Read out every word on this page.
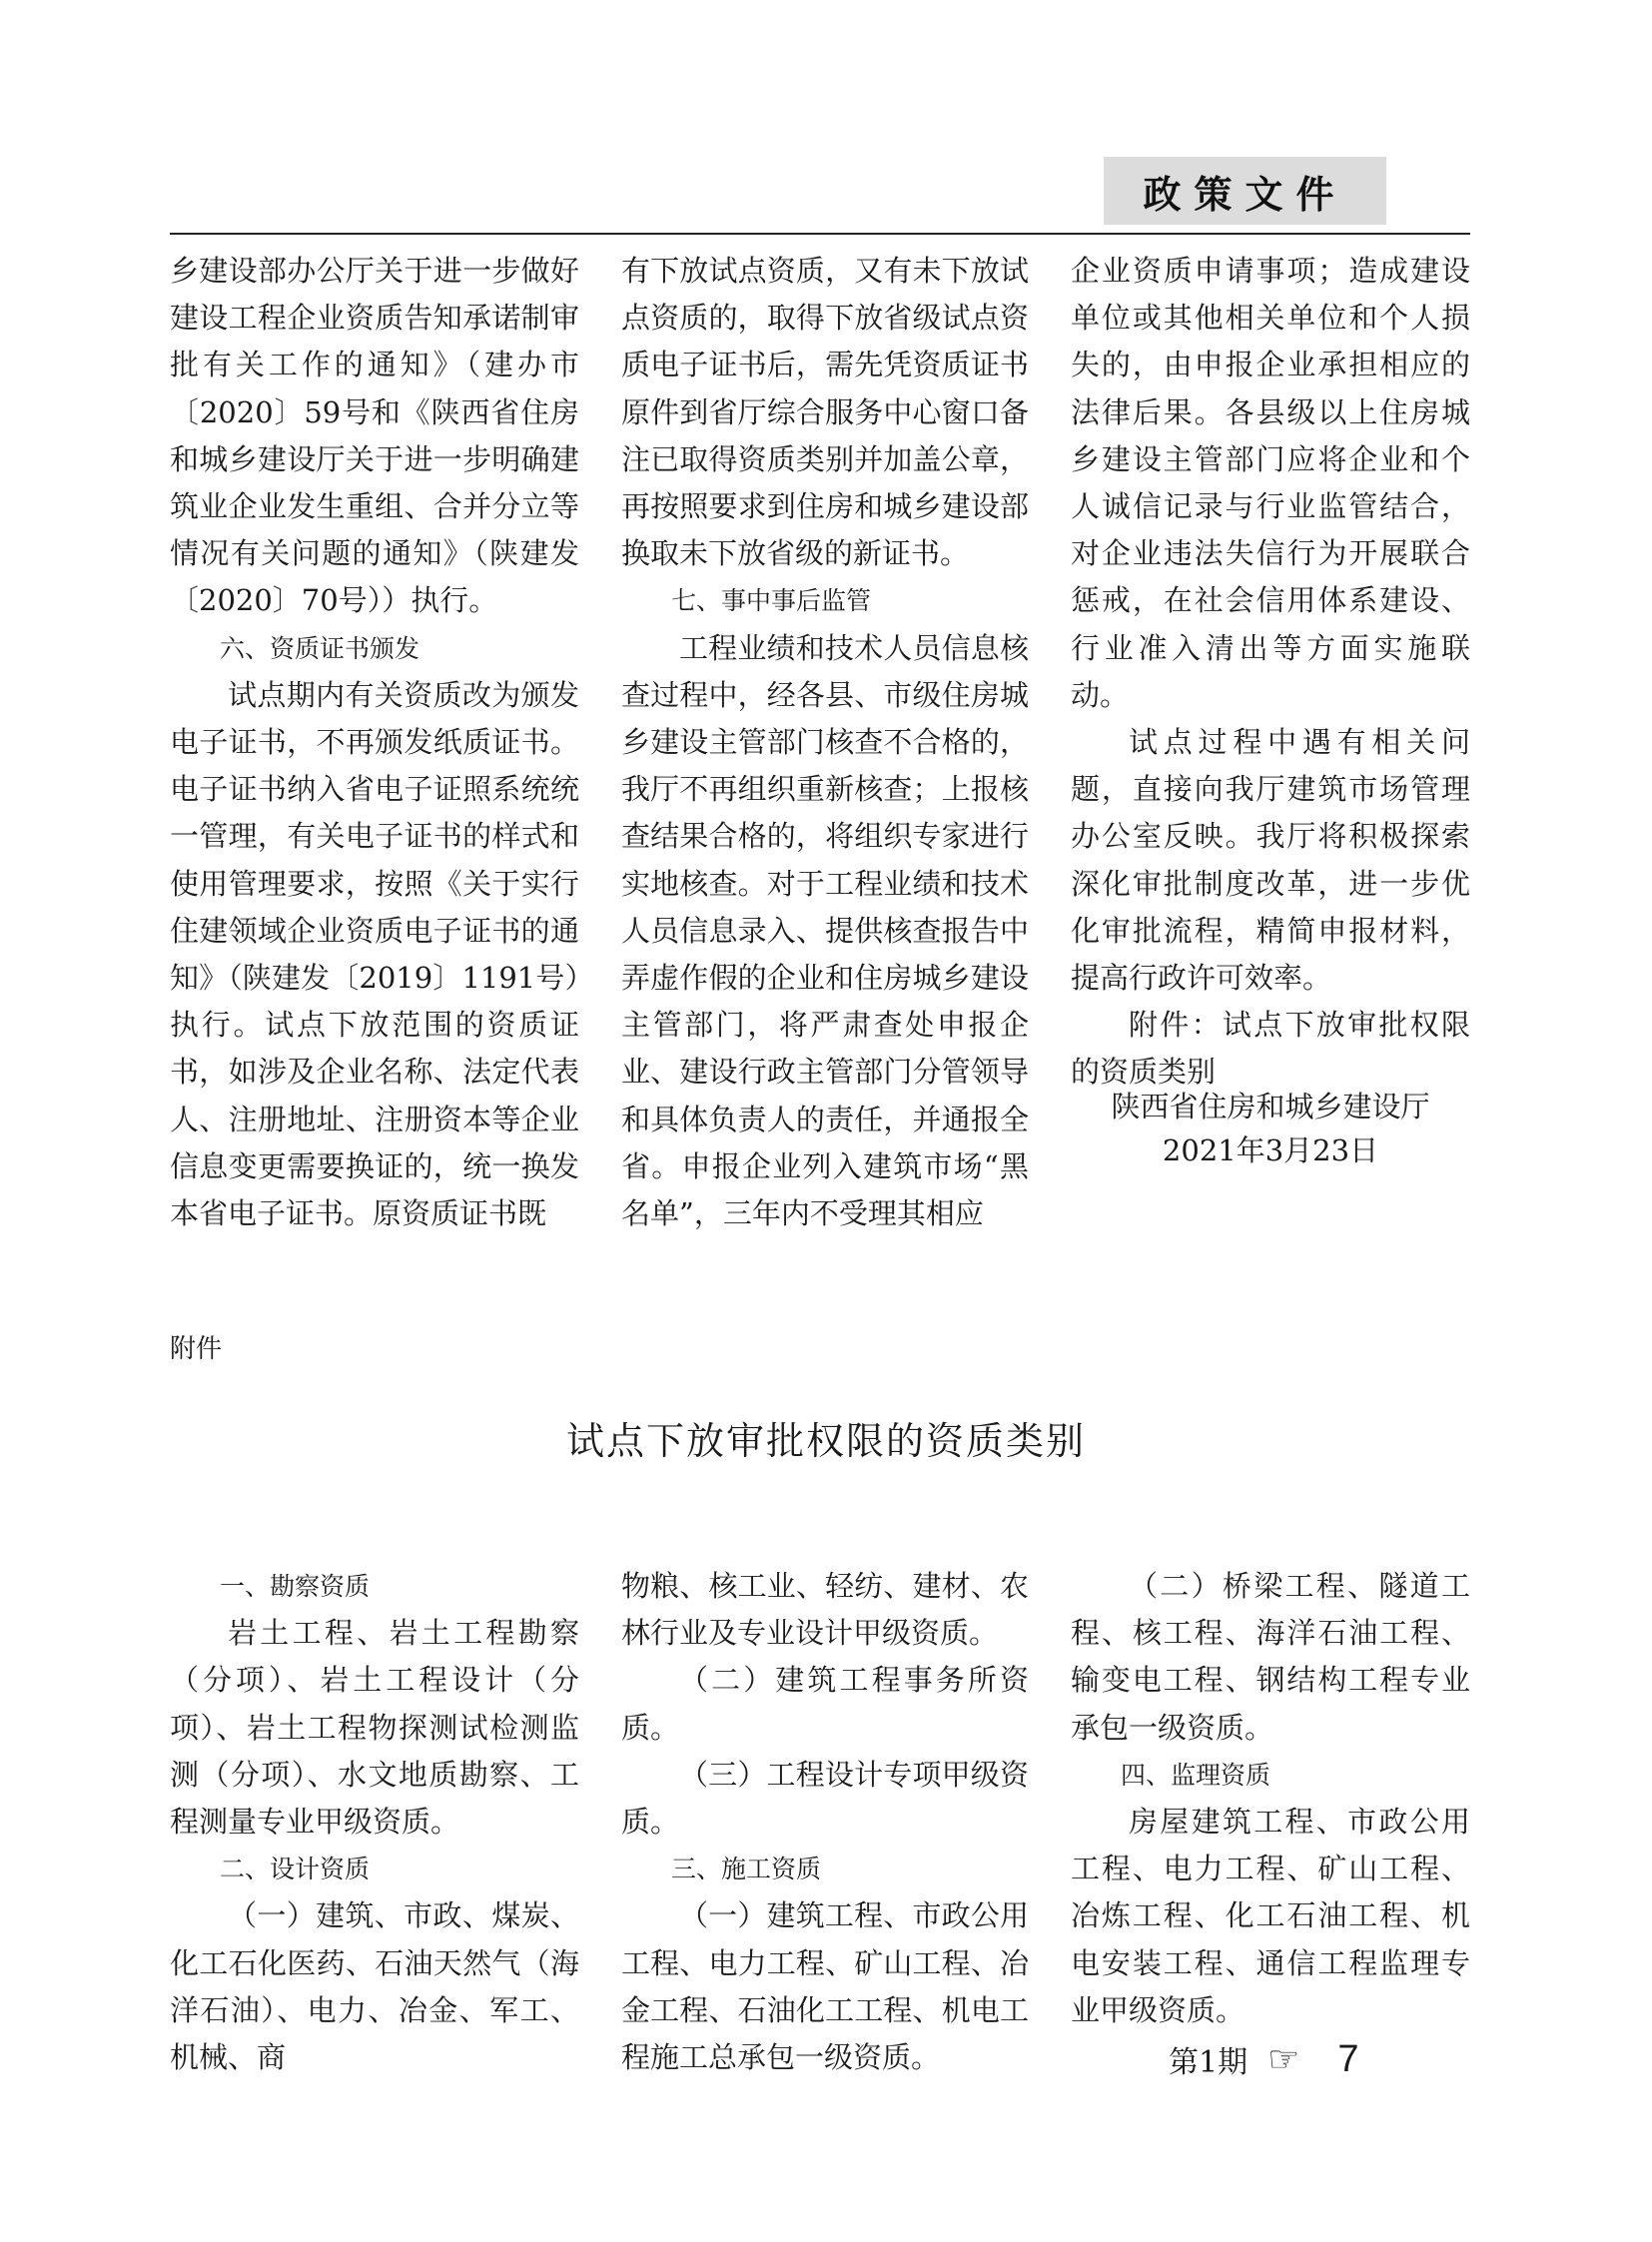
政策文件

乡建设部办公厅关于进一步做好建设工程企业资质告知承诺制审批有关工作的通知》（建办市〔2020〕59号和《陕西省住房和城乡建设厅关于进一步明确建筑业企业发生重组、合并分立等情况有关问题的通知》（陕建发〔2020〕70号））执行。

六、资质证书颁发

试点期内有关资质改为颁发电子证书，不再颁发纸质证书。电子证书纳入省电子证照系统统一管理，有关电子证书的样式和使用管理要求，按照《关于实行住建领域企业资质电子证书的通知》（陕建发〔2019〕1191号）执行。试点下放范围的资质证书，如涉及企业名称、法定代表人、注册地址、注册资本等企业信息变更需要换证的，统一换发本省电子证书。原资质证书既

有下放试点资质，又有未下放试点资质的，取得下放省级试点资质电子证书后，需先凭资质证书原件到省厅综合服务中心窗口备注已取得资质类别并加盖公章，再按照要求到住房和城乡建设部换取未下放省级的新证书。

七、事中事后监管

工程业绩和技术人员信息核查过程中，经各县、市级住房城乡建设主管部门核查不合格的，我厅不再组织重新核查；上报核查结果合格的，将组织专家进行实地核查。对于工程业绩和技术人员信息录入、提供核查报告中弄虚作假的企业和住房城乡建设主管部门，将严肃查处申报企业、建设行政主管部门分管领导和具体负责人的责任，并通报全省。申报企业列入建筑市场“黑名单”，三年内不受理其相应

企业资质申请事项；造成建设单位或其他相关单位和个人损失的，由申报企业承担相应的法律后果。各县级以上住房城乡建设主管部门应将企业和个人诚信记录与行业监管结合，对企业违法失信行为开展联合惩戒，在社会信用体系建设、行业准入清出等方面实施联动。

试点过程中遇有相关问题，直接向我厅建筑市场管理办公室反映。我厅将积极探索深化审批制度改革，进一步优化审批流程，精简申报材料，提高行政许可效率。

附件：试点下放审批权限的资质类别

陕西省住房和城乡建设厅
2021年3月23日
附件
试点下放审批权限的资质类别

一、勘察资质

岩土工程、岩土工程勘察（分项）、岩土工程设计（分项）、岩土工程物探测试检测监测（分项）、水文地质勘察、工程测量专业甲级资质。

二、设计资质

（一）建筑、市政、煤炭、化工石化医药、石油天然气（海洋石油）、电力、冶金、军工、机械、商

物粮、核工业、轻纺、建材、农林行业及专业设计甲级资质。

（二）建筑工程事务所资质。

（三）工程设计专项甲级资质。

三、施工资质

（一）建筑工程、市政公用工程、电力工程、矿山工程、冶金工程、石油化工工程、机电工程施工总承包一级资质。

（二）桥梁工程、隧道工程、核工程、海洋石油工程、输变电工程、钢结构工程专业承包一级资质。

四、监理资质

房屋建筑工程、市政公用工程、电力工程、矿山工程、冶炼工程、化工石油工程、机电安装工程、通信工程监理专业甲级资质。

第1期 ☞ 7
